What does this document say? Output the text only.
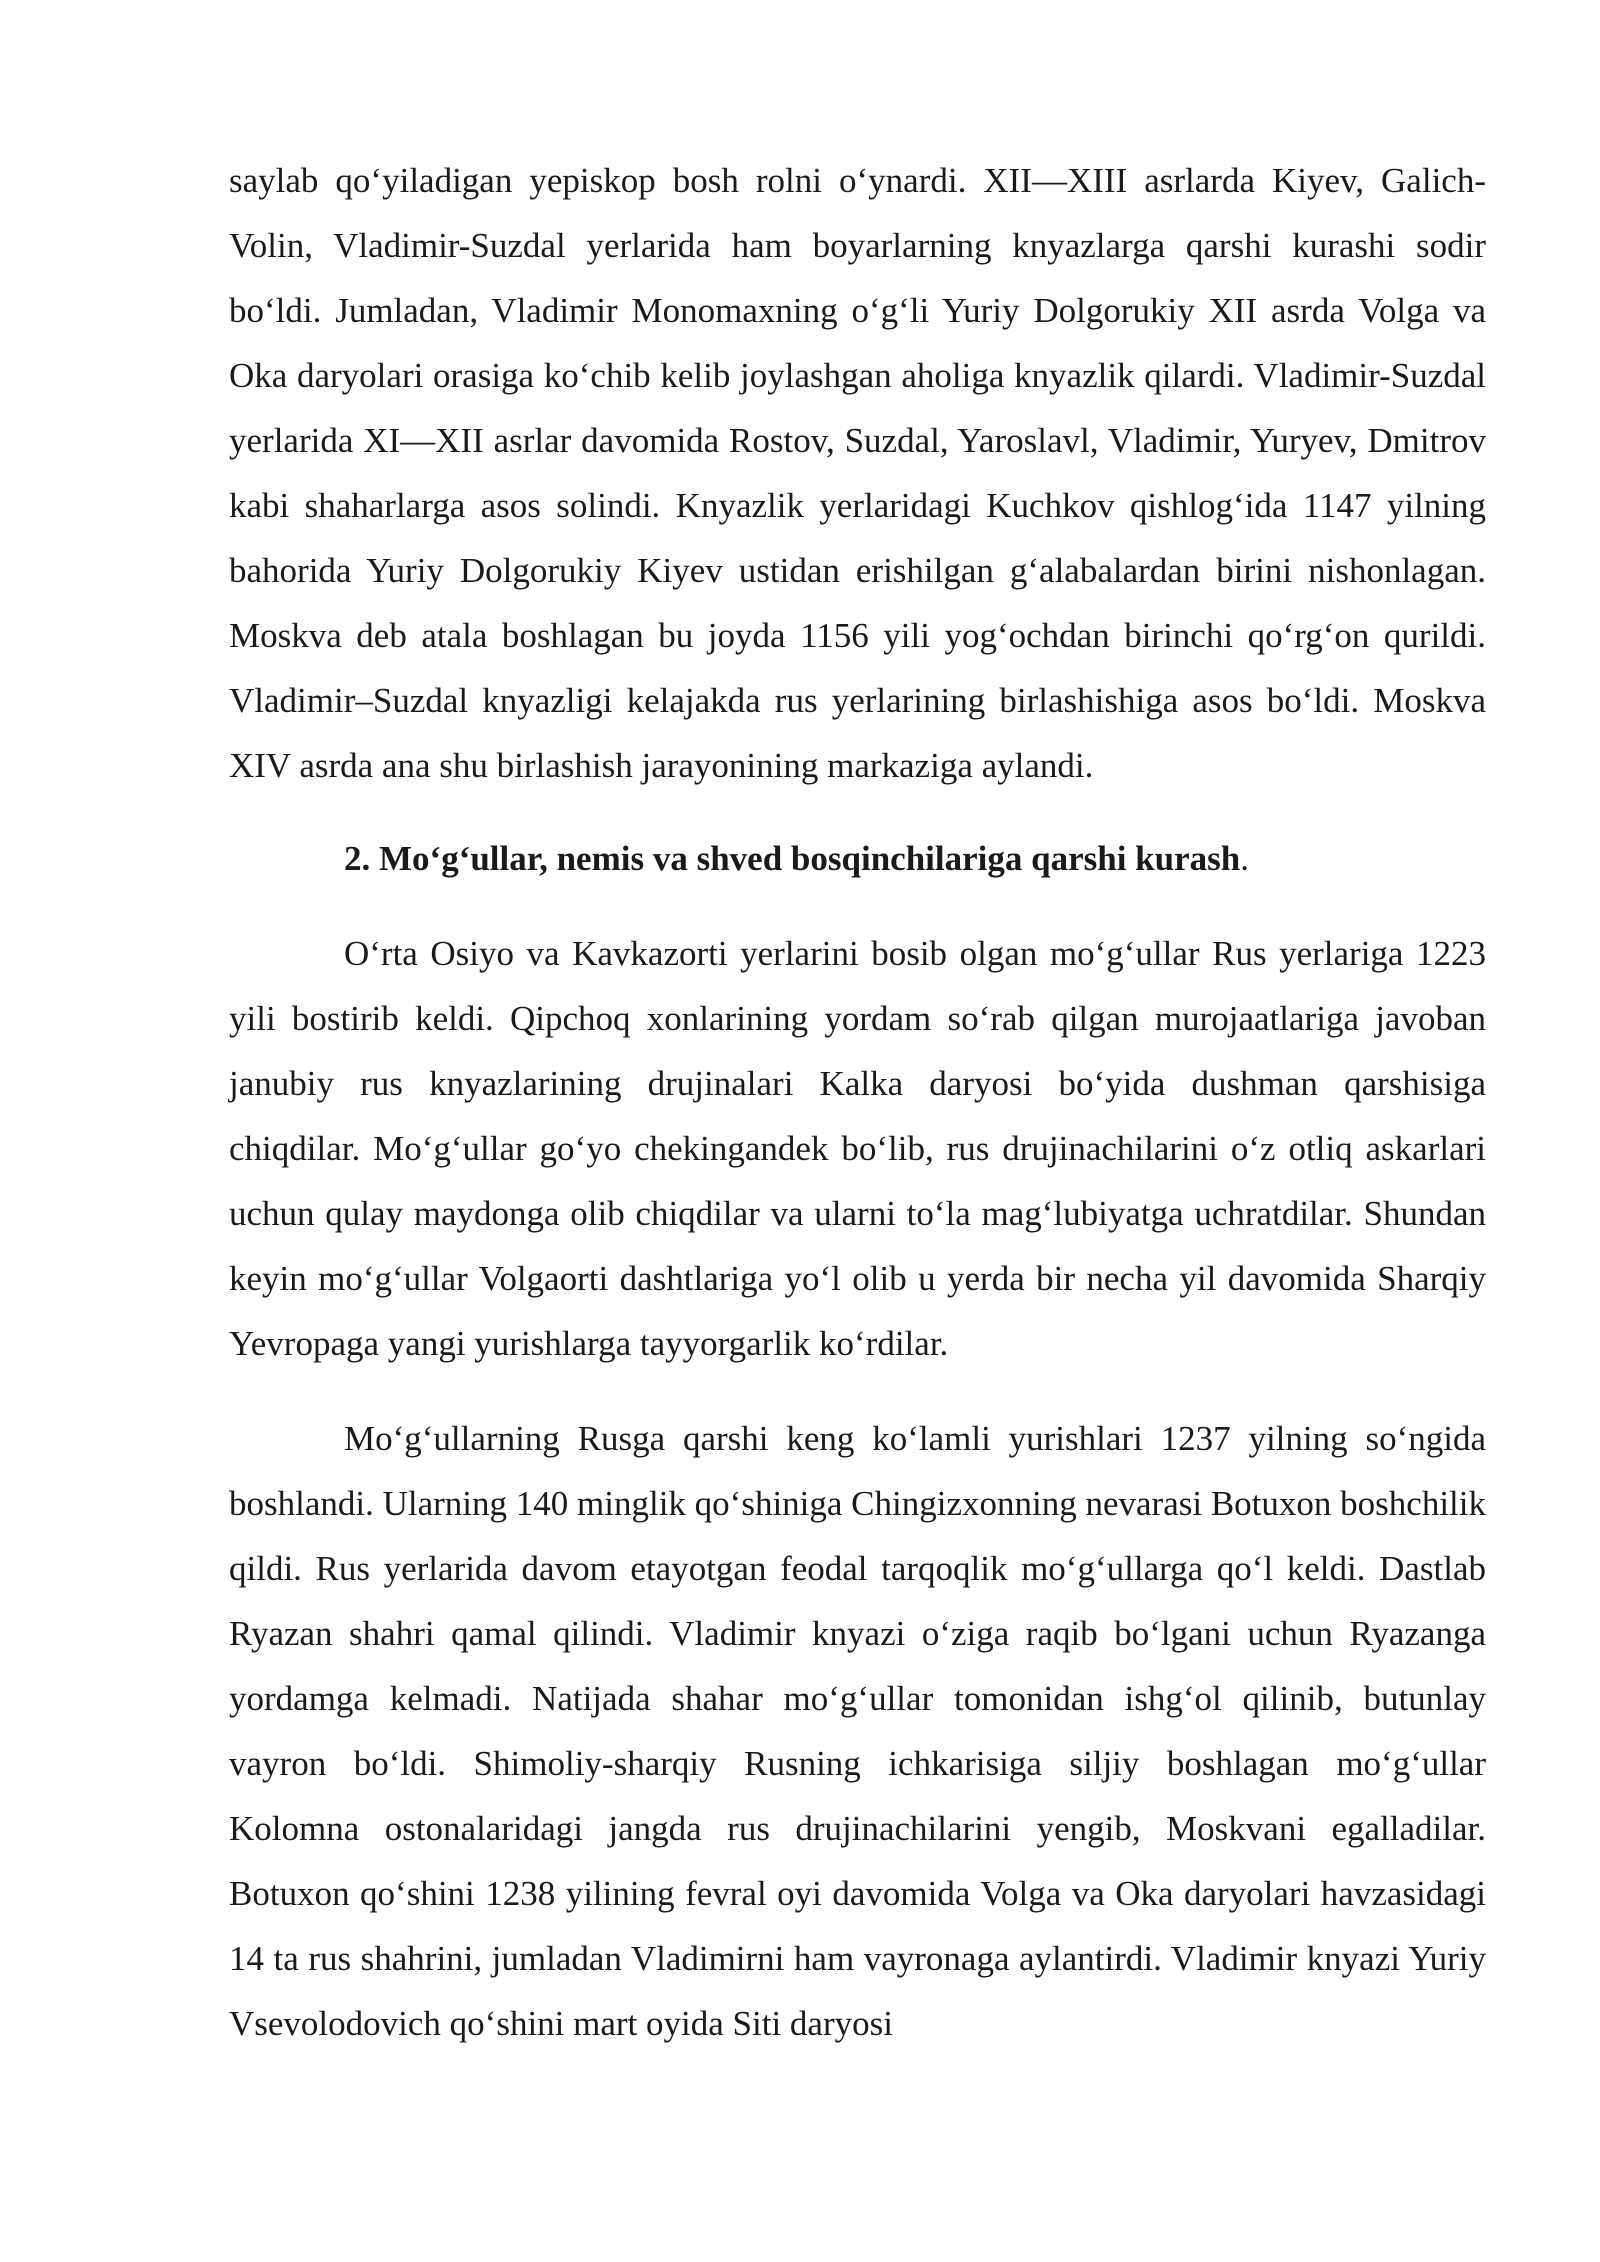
saylab qo‘yiladigan yepiskop bosh rolni o‘ynardi. XII—XIII asrlarda Kiyev, Galich-Volin, Vladimir-Suzdal yerlarida ham boyarlarning knyazlarga qarshi kurashi sodir bo‘ldi. Jumladan, Vladimir Monomaxning o‘g‘li Yuriy Dolgorukiy XII asrda Volga va Oka daryolari orasiga ko‘chib kelib joylashgan aholiga knyazlik qilardi. Vladimir-Suzdal yerlarida XI—XII asrlar davomida Rostov, Suzdal, Yaroslavl, Vladimir, Yuryev, Dmitrov kabi shaharlarga asos solindi. Knyazlik yerlaridagi Kuchkov qishlog‘ida 1147 yilning bahorida Yuriy Dolgorukiy Kiyev ustidan erishilgan g‘alabalardan birini nishonlagan. Moskva deb atala boshlagan bu joyda 1156 yili yog‘ochdan birinchi qo‘rg‘on qurildi. Vladimir–Suzdal knyazligi kelajakda rus yerlarining birlashishiga asos bo‘ldi. Moskva XIV asrda ana shu birlashish jarayonining markaziga aylandi.

2. Mo‘g‘ullar, nemis va shved bosqinchilariga qarshi kurash.

O‘rta Osiyo va Kavkazorti yerlarini bosib olgan mo‘g‘ullar Rus yerlariga 1223 yili bostirib keldi. Qipchoq xonlarining yordam so‘rab qilgan murojaatlariga javoban janubiy rus knyazlarining drujinalari Kalka daryosi bo‘yida dushman qarshisiga chiqdilar. Mo‘g‘ullar go‘yo chekingandek bo‘lib, rus drujinachilarini o‘z otliq askarlari uchun qulay maydonga olib chiqdilar va ularni to‘la mag‘lubiyatga uchratdilar. Shundan keyin mo‘g‘ullar Volgaorti dashtlariga yo‘l olib u yerda bir necha yil davomida Sharqiy Yevropaga yangi yurishlarga tayyorgarlik ko‘rdilar.

Mo‘g‘ullarning Rusga qarshi keng ko‘lamli yurishlari 1237 yilning so‘ngida boshlandi. Ularning 140 minglik qo‘shiniga Chingizxonning nevarasi Botuxon boshchilik qildi. Rus yerlarida davom etayotgan feodal tarqoqlik mo‘g‘ullarga qo‘l keldi. Dastlab Ryazan shahri qamal qilindi. Vladimir knyazi o‘ziga raqib bo‘lgani uchun Ryazanga yordamga kelmadi. Natijada shahar mo‘g‘ullar tomonidan ishg‘ol qilinib, butunlay vayron bo‘ldi. Shimoliy-sharqiy Rusning ichkarisiga siljiy boshlagan mo‘g‘ullar Kolomna ostonalaridagi jangda rus drujinachilarini yengib, Moskvani egalladilar. Botuxon qo‘shini 1238 yilining fevral oyi davomida Volga va Oka daryolari havzasidagi 14 ta rus shahrini, jumladan Vladimirni ham vayronaga aylantirdi. Vladimir knyazi Yuriy Vsevolodovich qo‘shini mart oyida Siti daryosi
